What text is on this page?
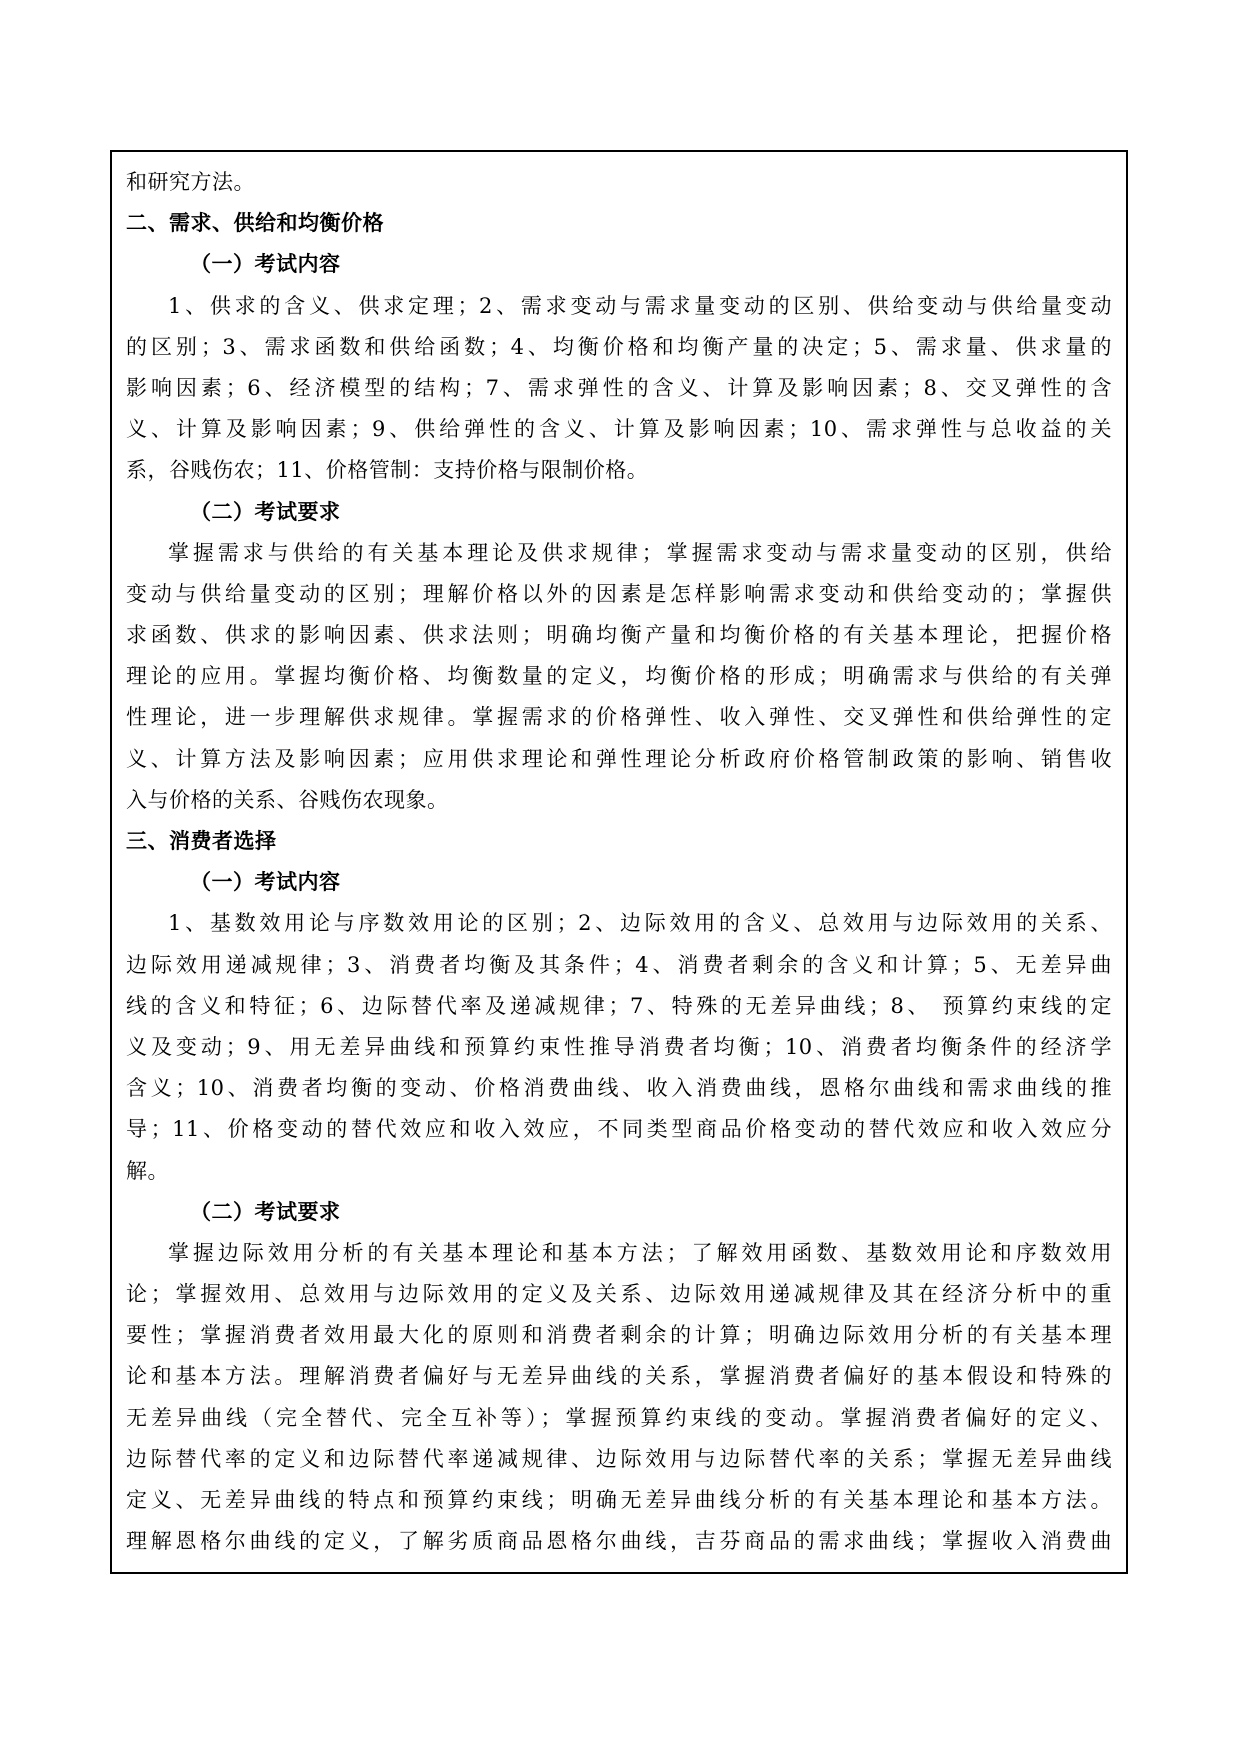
和研究方法。
二、需求、供给和均衡价格
（一）考试内容
1、供求的含义、供求定理；2、需求变动与需求量变动的区别、供给变动与供给量变动
的区别；3、需求函数和供给函数；4、均衡价格和均衡产量的决定；5、需求量、供求量的
影响因素；6、经济模型的结构；7、需求弹性的含义、计算及影响因素；8、交叉弹性的含
义、计算及影响因素；9、供给弹性的含义、计算及影响因素；10、需求弹性与总收益的关
系，谷贱伤农；11、价格管制：支持价格与限制价格。
（二）考试要求
掌握需求与供给的有关基本理论及供求规律；掌握需求变动与需求量变动的区别，供给
变动与供给量变动的区别；理解价格以外的因素是怎样影响需求变动和供给变动的；掌握供
求函数、供求的影响因素、供求法则；明确均衡产量和均衡价格的有关基本理论，把握价格
理论的应用。掌握均衡价格、均衡数量的定义，均衡价格的形成；明确需求与供给的有关弹
性理论，进一步理解供求规律。掌握需求的价格弹性、收入弹性、交叉弹性和供给弹性的定
义、计算方法及影响因素；应用供求理论和弹性理论分析政府价格管制政策的影响、销售收
入与价格的关系、谷贱伤农现象。
三、消费者选择
（一）考试内容
1、基数效用论与序数效用论的区别；2、边际效用的含义、总效用与边际效用的关系、
边际效用递减规律；3、消费者均衡及其条件；4、消费者剩余的含义和计算；5、无差异曲
线的含义和特征；6、边际替代率及递减规律；7、特殊的无差异曲线；8、 预算约束线的定
义及变动；9、用无差异曲线和预算约束性推导消费者均衡；10、消费者均衡条件的经济学
含义；10、消费者均衡的变动、价格消费曲线、收入消费曲线，恩格尔曲线和需求曲线的推
导；11、价格变动的替代效应和收入效应，不同类型商品价格变动的替代效应和收入效应分
解。
（二）考试要求
掌握边际效用分析的有关基本理论和基本方法；了解效用函数、基数效用论和序数效用
论；掌握效用、总效用与边际效用的定义及关系、边际效用递减规律及其在经济分析中的重
要性；掌握消费者效用最大化的原则和消费者剩余的计算；明确边际效用分析的有关基本理
论和基本方法。理解消费者偏好与无差异曲线的关系，掌握消费者偏好的基本假设和特殊的
无差异曲线（完全替代、完全互补等）；掌握预算约束线的变动。掌握消费者偏好的定义、
边际替代率的定义和边际替代率递减规律、边际效用与边际替代率的关系；掌握无差异曲线
定义、无差异曲线的特点和预算约束线；明确无差异曲线分析的有关基本理论和基本方法。
理解恩格尔曲线的定义，了解劣质商品恩格尔曲线，吉芬商品的需求曲线；掌握收入消费曲
